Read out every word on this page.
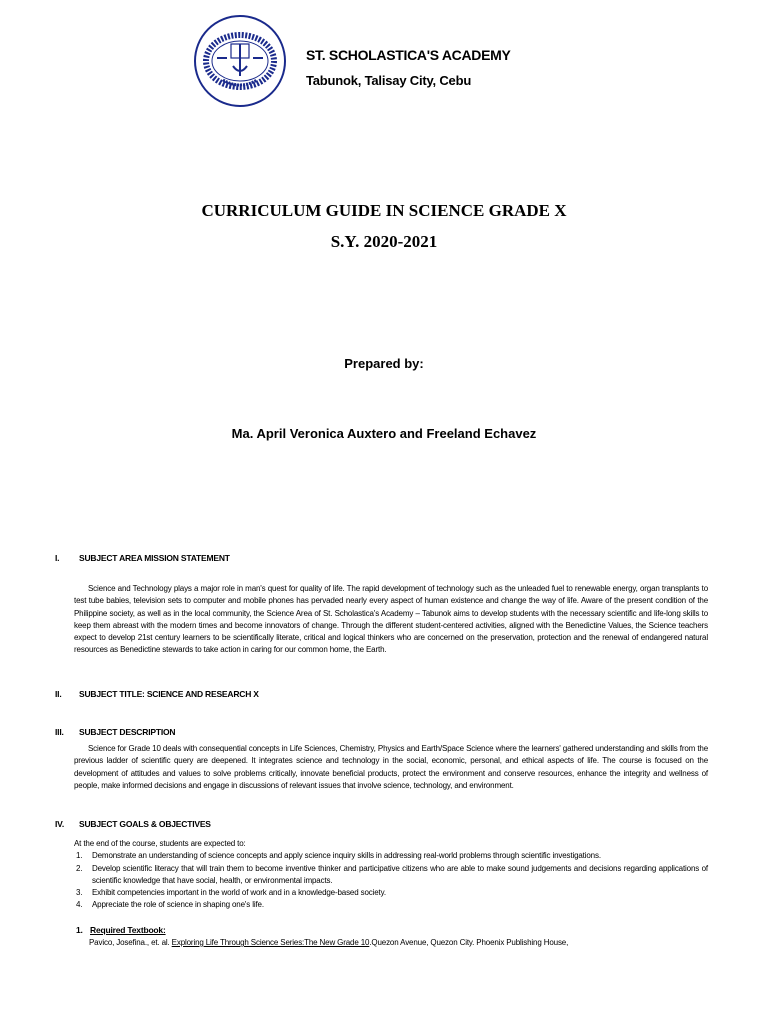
ST. SCHOLASTICA'S ACADEMY
Tabunok, Talisay City, Cebu
CURRICULUM GUIDE IN SCIENCE GRADE X
S.Y. 2020-2021
Prepared by:
Ma. April Veronica Auxtero and Freeland Echavez
I. SUBJECT AREA MISSION STATEMENT

Science and Technology plays a major role in man's quest for quality of life. The rapid development of technology such as the unleaded fuel to renewable energy, organ transplants to test tube babies, television sets to computer and mobile phones has pervaded nearly every aspect of human existence and change the way of life. Aware of the present condition of the Philippine society, as well as in the local community, the Science Area of St. Scholastica's Academy – Tabunok aims to develop students with the necessary scientific and life-long skills to keep them abreast with the modern times and become innovators of change. Through the different student-centered activities, aligned with the Benedictine Values, the Science teachers expect to develop 21st century learners to be scientifically literate, critical and logical thinkers who are concerned on the preservation, protection and the renewal of endangered natural resources as Benedictine stewards to take action in caring for our common home, the Earth.

II. SUBJECT TITLE: SCIENCE AND RESEARCH X
III. SUBJECT DESCRIPTION

Science for Grade 10 deals with consequential concepts in Life Sciences, Chemistry, Physics and Earth/Space Science where the learners' gathered understanding and skills from the previous ladder of scientific query are deepened. It integrates science and technology in the social, economic, personal, and ethical aspects of life. The course is focused on the development of attitudes and values to solve problems critically, innovate beneficial products, protect the environment and conserve resources, enhance the integrity and wellness of people, make informed decisions and engage in discussions of relevant issues that involve science, technology, and environment.

IV. SUBJECT GOALS & OBJECTIVES

At the end of the course, students are expected to:

1. Demonstrate an understanding of science concepts and apply science inquiry skills in addressing real-world problems through scientific investigations.
2. Develop scientific literacy that will train them to become inventive thinker and participative citizens who are able to make sound judgements and decisions regarding applications of scientific knowledge that have social, health, or environmental impacts.
3. Exhibit competencies important in the world of work and in a knowledge-based society.
4. Appreciate the role of science in shaping one's life.
1. Required Textbook:
Pavico, Josefina., et. al. Exploring Life Through Science Series:The New Grade 10.Quezon Avenue, Quezon City. Phoenix Publishing House,
